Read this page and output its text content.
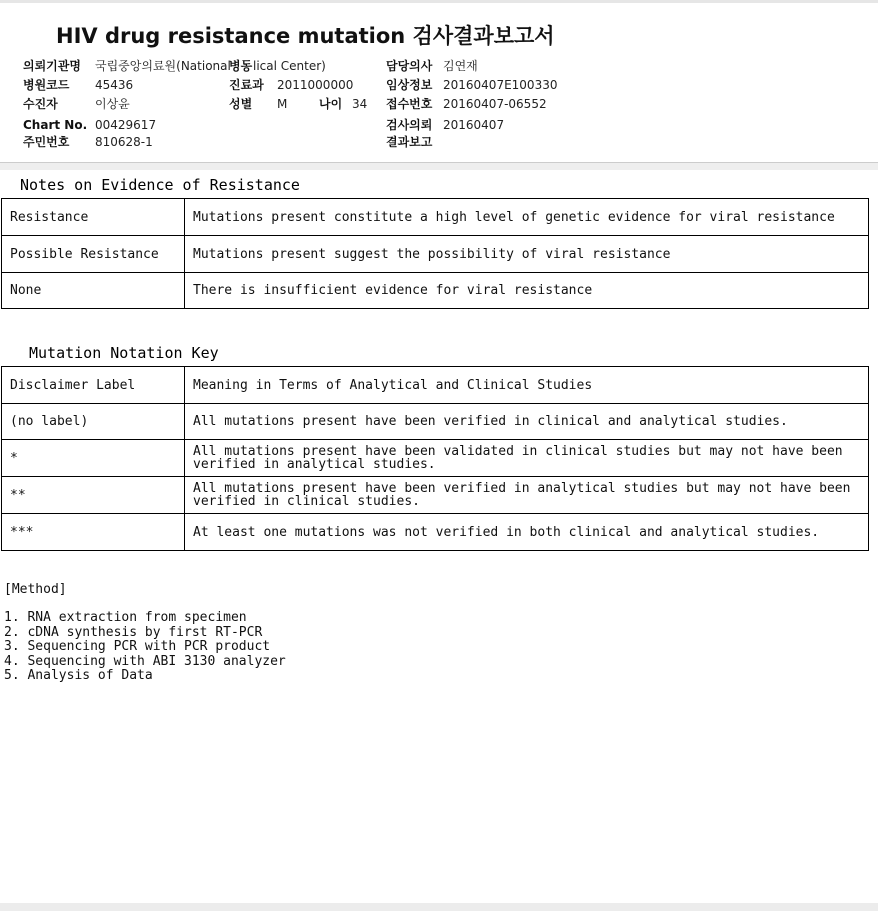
HIV drug resistance mutation 검사결과보고서
의뢰기관명 국립중앙의료원(National
병동 lical Center)	담당의사 김연재
병원코드 45436	진료과 2011000000	임상정보 20160407E100330
수진자	이상윤	성별 M	나이 34 접수번호 20160407-06552
Chart No. 00429617	검사의뢰 20160407
주민번호 810628-1	결과보고
Notes on Evidence of Resistance
Resistance	Mutations present constitute a high level of genetic evidence for viral resistance
Possible Resistance	Mutations present suggest the possibility of viral resistance
None	There is insufficient evidence for viral resistance
Mutation Notation Key
Disclaimer Label	Meaning in Terms of Analytical and Clinical Studies
(no label)	All mutations present have been verified in clinical and analytical studies.
*	All mutations present have been validated in clinical studies but may not have been verified in analytical studies.
**	All mutations present have been verified in analytical studies but may not have been verified in clinical studies.
***	At least one mutations was not verified in both clinical and analytical studies.
[Method]
1. RNA extraction from specimen
2. cDNA synthesis by first RT-PCR
3. Sequencing PCR with PCR product
4. Sequencing with ABI 3130 analyzer
5. Analysis of Data
